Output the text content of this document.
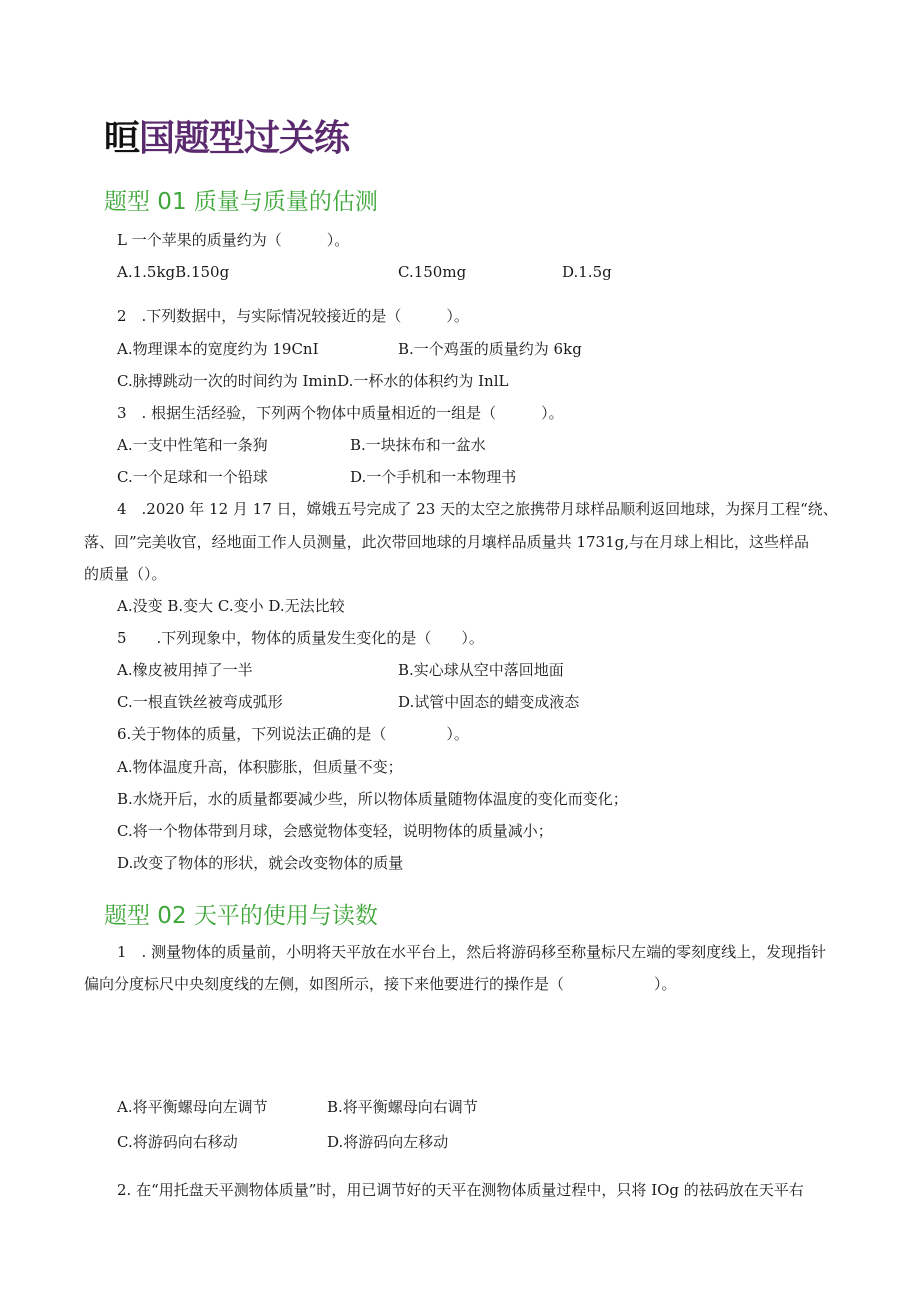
晅国题型过关练
题型 01 质量与质量的估测
L 一个苹果的质量约为（　　　）。
A.1.5kgB.150g	C.150mg	D.1.5g
2　.下列数据中，与实际情况较接近的是（　　　）。
A.物理课本的宽度约为 19CnI	B.一个鸡蛋的质量约为 6kg
C.脉搏跳动一次的时间约为 IminD.一杯水的体积约为 InlL
3　. 根据生活经验，下列两个物体中质量相近的一组是（　　　）。
A.一支中性笔和一条狗	B.一块抹布和一盆水
C.一个足球和一个铅球	D.一个手机和一本物理书
4　.2020 年 12 月 17 日，嫦娥五号完成了 23 天的太空之旅携带月球样品顺利返回地球，为探月工程“绕、
落、回”完美收官，经地面工作人员测量，此次带回地球的月壤样品质量共 1731g,与在月球上相比，这些样品
的质量（）。
A.没变 B.变大 C.变小 D.无法比较
5　　.下列现象中，物体的质量发生变化的是（　　）。
A.橡皮被用掉了一半	B.实心球从空中落回地面
C.一根直铁丝被弯成弧形	D.试管中固态的蜡变成液态
6.关于物体的质量，下列说法正确的是（　　　　）。
A.物体温度升高，体积膨胀，但质量不变；
B.水烧开后，水的质量都要减少些，所以物体质量随物体温度的变化而变化；
C.将一个物体带到月球，会感觉物体变轻，说明物体的质量减小；
D.改变了物体的形状，就会改变物体的质量
题型 02 天平的使用与读数
1　. 测量物体的质量前，小明将天平放在水平台上，然后将游码移至称量标尺左端的零刻度线上，发现指针
偏向分度标尺中央刻度线的左侧，如图所示，接下来他要进行的操作是（　　　　　　）。
A.将平衡螺母向左调节	B.将平衡螺母向右调节
C.将游码向右移动	D.将游码向左移动
2. 在“用托盘天平测物体质量”时，用已调节好的天平在测物体质量过程中，只将 IOg 的祛码放在天平右
